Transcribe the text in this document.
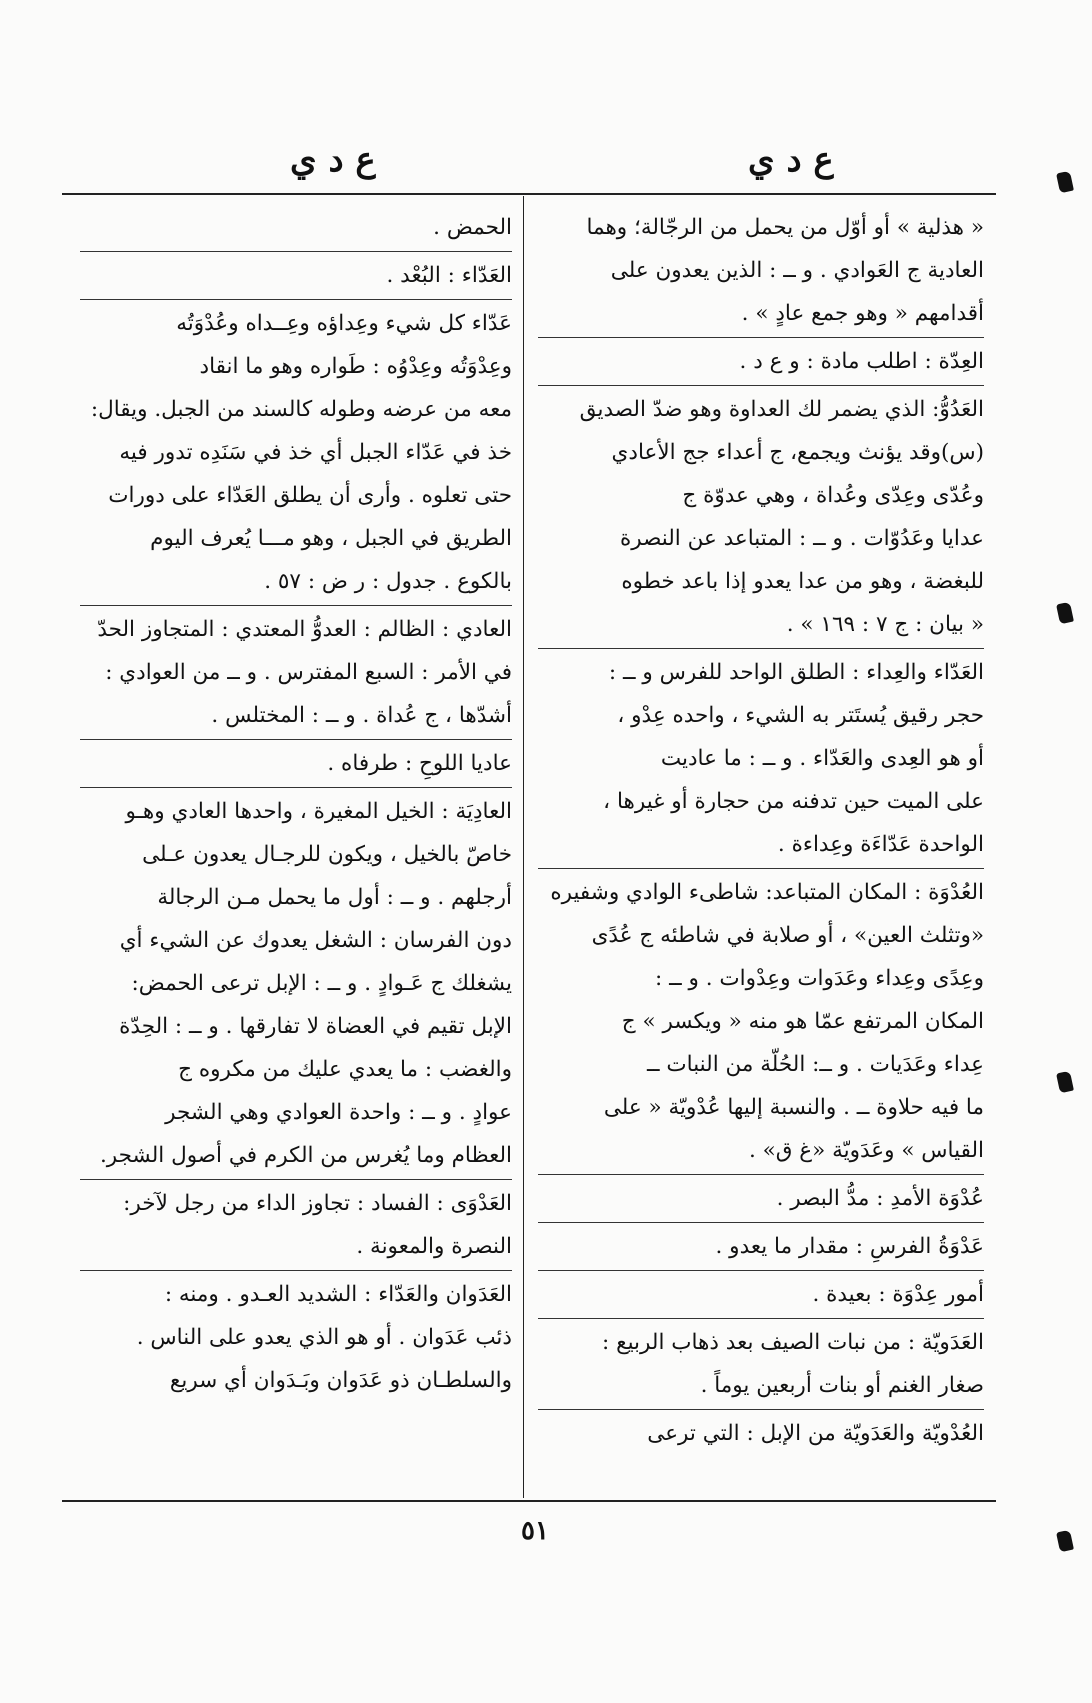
ع د ي
ع د ي
« هذلية » أو أوّل من يحمل من الرجّالة؛ وهما
العادية ج العَوادي . و ــ : الذين يعدون على
أقدامهم « وهو جمع عادٍ » .
العِدّة : اطلب مادة : و ع د .
العَدُوُّ: الذي يضمر لك العداوة وهو ضدّ الصديق
(س)وقد يؤنث ويجمع، ج أعداء جج الأعادي
وعُدّى وعِدّى وعُداة ، وهي عدوّة ج
عدايا وعَدُوّات . و ــ : المتباعد عن النصرة
للبغضة ، وهو من عدا يعدو إذا باعد خطوه
« بيان : ج ٧ : ١٦٩ » .
العَدّاء والعِداء : الطلق الواحد للفرس و ــ :
حجر رقيق يُستَتر به الشيء ، واحده عِدْو ،
أو هو العِدى والعَدّاء . و ــ : ما عاديت
على الميت حين تدفنه من حجارة أو غيرها ،
الواحدة عَدّاءَة وعِداءة .
العُدْوَة : المكان المتباعد: شاطىء الوادي وشفيره
«وتثلث العين» ، أو صلابة في شاطئه ج عُدًى
وعِدًى وعِداء وعَدَوات وعِدْوات . و ــ :
المكان المرتفع عمّا هو منه « ويكسر » ج
عِداء وعَدَيات . و ــ: الحُلّة من النبات ــ
ما فيه حلاوة ــ . والنسبة إليها عُدْويّة « على
القياس » وعَدَويّة «غ ق» .
عُدْوَة الأمدِ : مدُّ البصر .
عَدْوَةُ الفرسِ : مقدار ما يعدو .
أمور عِدْوَة : بعيدة .
العَدَويّة : من نبات الصيف بعد ذهاب الربيع :
صغار الغنم أو بنات أربعين يوماً .
العُدْويّة والعَدَويّة من الإبل : التي ترعى
الحمض .
العَدّاء : البُعْد .
عَدّاء كل شيء وعِداؤه وعِــداه وعُدْوَتُه
وعِدْوَتُه وعِدْوُه : طَواره وهو ما انقاد
معه من عرضه وطوله كالسند من الجبل. ويقال:
خذ في عَدّاء الجبل أي خذ في سَنَدِه تدور فيه
حتى تعلوه . وأرى أن يطلق العَدّاء على دورات
الطريق في الجبل ، وهو مـــا يُعرف اليوم
بالكوع . جدول : ر ض : ٥٧ .
العادي : الظالم : العدوُّ المعتدي : المتجاوز الحدّ
في الأمر : السبع المفترس . و ــ من العوادي :
أشدّها ، ج عُداة . و ــ : المختلس .
عاديا اللوحِ : طرفاه .
العادِيَة : الخيل المغيرة ، واحدها العادي وهـو
خاصّ بالخيل ، ويكون للرجـال يعدون عـلى
أرجلهم . و ــ : أول ما يحمل مـن الرجالة
دون الفرسان : الشغل يعدوك عن الشيء أي
يشغلك ج عَـوادٍ . و ــ : الإبل ترعى الحمض:
الإبل تقيم في العضاة لا تفارقها . و ــ : الحِدّة
والغضب : ما يعدي عليك من مكروه ج
عوادٍ . و ــ : واحدة العوادي وهي الشجر
العظام وما يُغرس من الكرم في أصول الشجر.
العَدْوَى : الفساد : تجاوز الداء من رجل لآخر:
النصرة والمعونة .
العَدَوان والعَدّاء : الشديد العـدو . ومنه :
ذئب عَدَوان . أو هو الذي يعدو على الناس .
والسلطـان ذو عَدَوان وبَـدَوان أي سريع
٥١
